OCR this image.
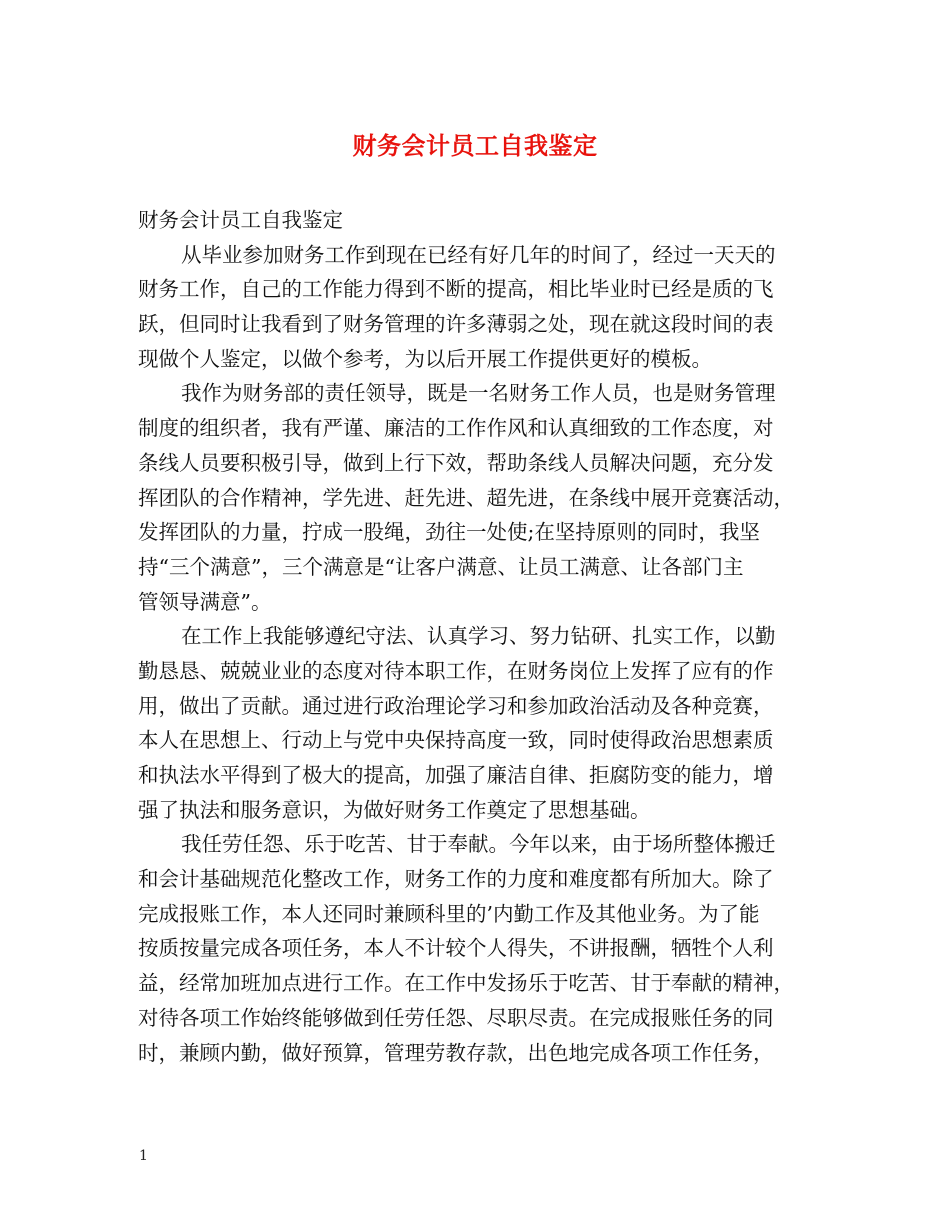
财务会计员工自我鉴定
财务会计员工自我鉴定
从毕业参加财务工作到现在已经有好几年的时间了，经过一天天的
财务工作，自己的工作能力得到不断的提高，相比毕业时已经是质的飞
跃，但同时让我看到了财务管理的许多薄弱之处，现在就这段时间的表
现做个人鉴定，以做个参考，为以后开展工作提供更好的模板。
我作为财务部的责任领导，既是一名财务工作人员，也是财务管理
制度的组织者，我有严谨、廉洁的工作作风和认真细致的工作态度，对
条线人员要积极引导，做到上行下效，帮助条线人员解决问题，充分发
挥团队的合作精神，学先进、赶先进、超先进，在条线中展开竞赛活动，
发挥团队的力量，拧成一股绳，劲往一处使;在坚持原则的同时，我坚
持“三个满意”，三个满意是“让客户满意、让员工满意、让各部门主
管领导满意”。
在工作上我能够遵纪守法、认真学习、努力钻研、扎实工作，以勤
勤恳恳、兢兢业业的态度对待本职工作，在财务岗位上发挥了应有的作
用，做出了贡献。通过进行政治理论学习和参加政治活动及各种竞赛，
本人在思想上、行动上与党中央保持高度一致，同时使得政治思想素质
和执法水平得到了极大的提高，加强了廉洁自律、拒腐防变的能力，增
强了执法和服务意识，为做好财务工作奠定了思想基础。
我任劳任怨、乐于吃苦、甘于奉献。今年以来，由于场所整体搬迁
和会计基础规范化整改工作，财务工作的力度和难度都有所加大。除了
完成报账工作，本人还同时兼顾科里的’内勤工作及其他业务。为了能
按质按量完成各项任务，本人不计较个人得失，不讲报酬，牺牲个人利
益，经常加班加点进行工作。在工作中发扬乐于吃苦、甘于奉献的精神，
对待各项工作始终能够做到任劳任怨、尽职尽责。在完成报账任务的同
时，兼顾内勤，做好预算，管理劳教存款，出色地完成各项工作任务，
1
